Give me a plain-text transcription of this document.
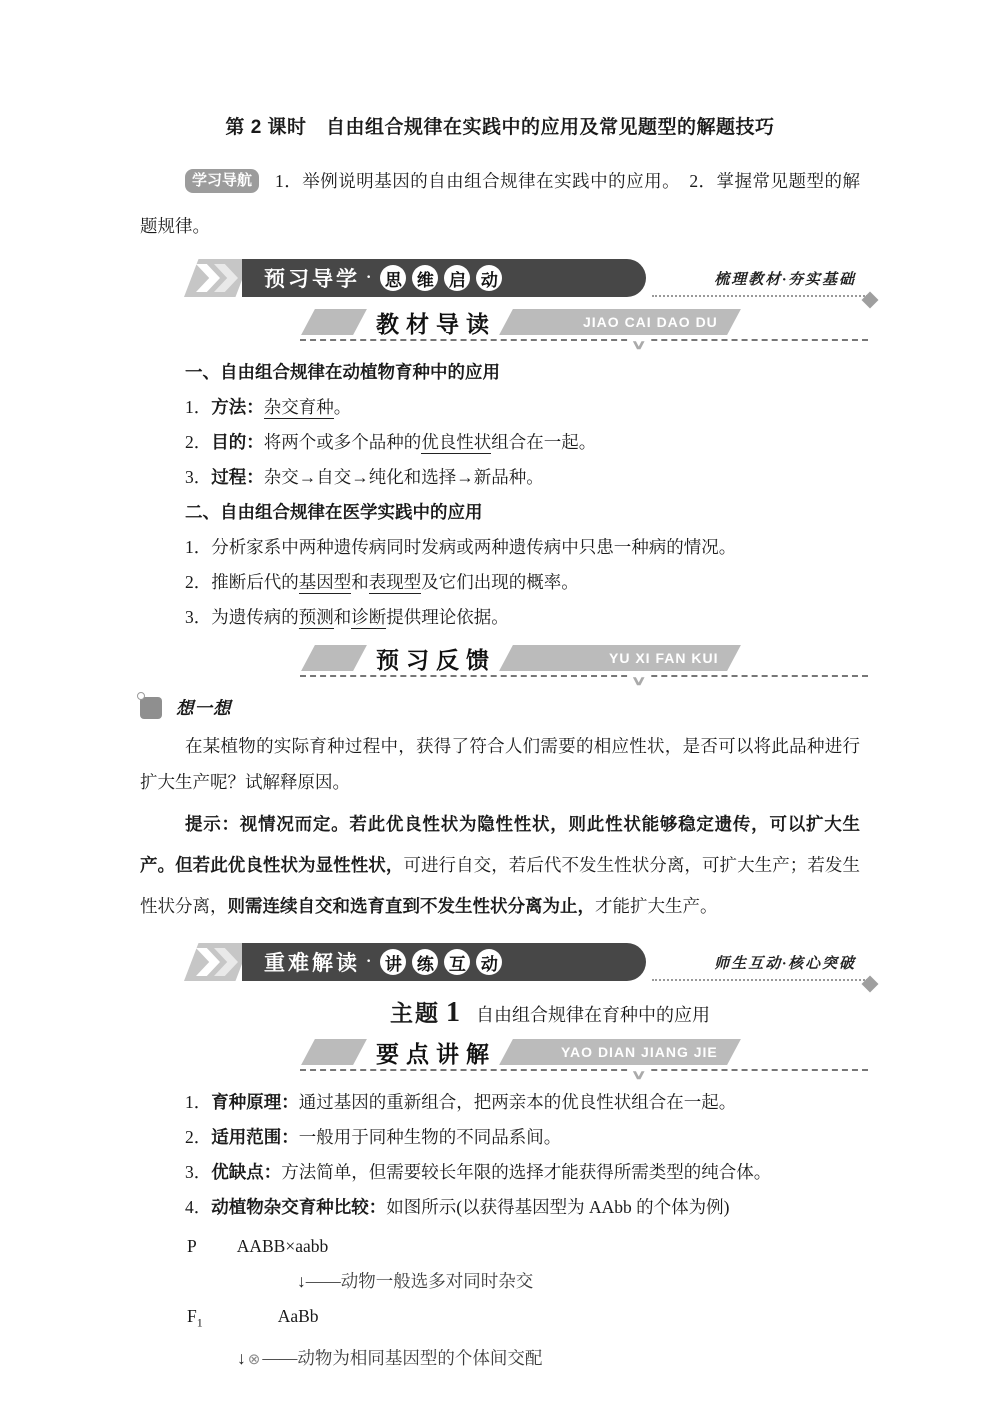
第 2 课时　自由组合规律在实践中的应用及常见题型的解题技巧

学习导航 1．举例说明基因的自由组合规律在实践中的应用。　2．掌握常见题型的解题规律。

预习导学 · 思 维 启 动	梳理教材·夯实基础
教材导读	JIAO CAI DAO DU
∨

一、自由组合规律在动植物育种中的应用

1．方法：杂交育种。

2．目的：将两个或多个品种的优良性状组合在一起。

3．过程：杂交→自交→纯化和选择→新品种。

二、自由组合规律在医学实践中的应用

1．分析家系中两种遗传病同时发病或两种遗传病中只患一种病的情况。

2．推断后代的基因型和表现型及它们出现的概率。

3．为遗传病的预测和诊断提供理论依据。

预习反馈	YU XI FAN KUI
∨
想一想

在某植物的实际育种过程中，获得了符合人们需要的相应性状，是否可以将此品种进行扩大生产呢？试解释原因。

提示：视情况而定。若此优良性状为隐性性状，则此性状能够稳定遗传，可以扩大生产。但若此优良性状为显性性状，可进行自交，若后代不发生性状分离，可扩大生产；若发生性状分离，则需连续自交和选育直到不发生性状分离为止，才能扩大生产。

重难解读 · 讲 练 互 动	师生互动·核心突破
主题 1 自由组合规律在育种中的应用
要点讲解	YAO DIAN JIANG JIE
∨

1．育种原理：通过基因的重新组合，把两亲本的优良性状组合在一起。

2．适用范围：一般用于同种生物的不同品系间。

3．优缺点：方法简单，但需要较长年限的选择才能获得所需类型的纯合体。

4．动植物杂交育种比较：如图所示(以获得基因型为 AAbb 的个体为例)

P AABB×aabb
↓——动物一般选多对同时杂交
$F_1$	AaBb
↓ ⊗ ——动物为相同基因型的个体间交配
